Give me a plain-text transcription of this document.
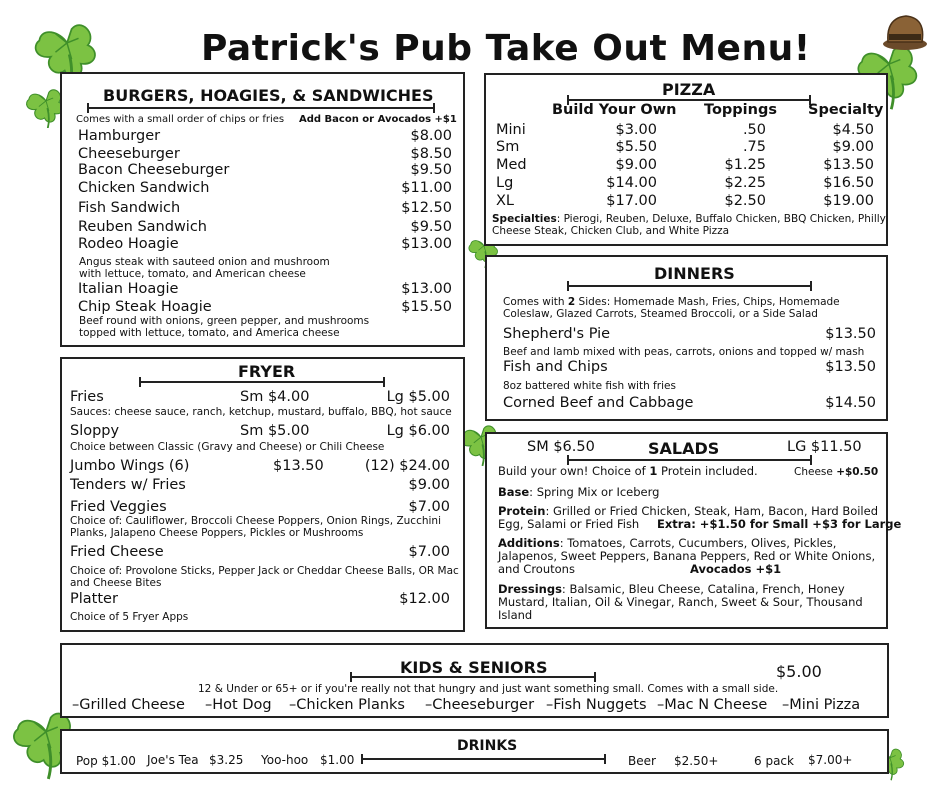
Patrick's Pub Take Out Menu!
BURGERS, HOAGIES, & SANDWICHES
Comes with a small order of chips or fries Add Bacon or Avocados +$1
Hamburger	$8.00
Cheeseburger	$8.50
Bacon Cheeseburger	$9.50
Chicken Sandwich	$11.00
Fish Sandwich	$12.50
Reuben Sandwich	$9.50
Rodeo Hoagie	$13.00
Angus steak with sauteed onion and mushroom
with lettuce, tomato, and American cheese
Italian Hoagie	$13.00
Chip Steak Hoagie	$15.50
Beef round with onions, green pepper, and mushrooms
topped with lettuce, tomato, and America cheese
PIZZA
Build Your Own Toppings Specialty
Mini	$3.00	.50	$4.50
Sm	$5.50	.75	$9.00
Med	$9.00	$1.25	$13.50
Lg	$14.00	$2.25	$16.50
XL	$17.00	$2.50	$19.00
Specialties: Pierogi, Reuben, Deluxe, Buffalo Chicken, BBQ Chicken, Philly
Cheese Steak, Chicken Club, and White Pizza
DINNERS
Comes with 2 Sides: Homemade Mash, Fries, Chips, Homemade
Coleslaw, Glazed Carrots, Steamed Broccoli, or a Side Salad
Shepherd's Pie	$13.50
Beef and lamb mixed with peas, carrots, onions and topped w/ mash
Fish and Chips	$13.50
8oz battered white fish with fries
Corned Beef and Cabbage	$14.50
FRYER
Fries	Sm $4.00	Lg $5.00
Sauces: cheese sauce, ranch, ketchup, mustard, buffalo, BBQ, hot sauce
Sloppy	Sm $5.00	Lg $6.00
Choice between Classic (Gravy and Cheese) or Chili Cheese
Jumbo Wings (6)	$13.50	(12) $24.00
Tenders w/ Fries	$9.00
Fried Veggies	$7.00
Choice of: Cauliflower, Broccoli Cheese Poppers, Onion Rings, Zucchini
Planks, Jalapeno Cheese Poppers, Pickles or Mushrooms
Fried Cheese	$7.00
Choice of: Provolone Sticks, Pepper Jack or Cheddar Cheese Balls, OR Mac
and Cheese Bites
Platter	$12.00
Choice of 5 Fryer Apps
SM $6.50	SALADS	LG $11.50
Build your own! Choice of 1 Protein included.	Cheese +$0.50
Base: Spring Mix or Iceberg
Protein: Grilled or Fried Chicken, Steak, Ham, Bacon, Hard Boiled
Egg, Salami or Fried Fish Extra: +$1.50 for Small +$3 for Large
Additions: Tomatoes, Carrots, Cucumbers, Olives, Pickles,
Jalapenos, Sweet Peppers, Banana Peppers, Red or White Onions,
and Croutons	Avocados +$1
Dressings: Balsamic, Bleu Cheese, Catalina, French, Honey
Mustard, Italian, Oil & Vinegar, Ranch, Sweet & Sour, Thousand
Island
KIDS & SENIORS	$5.00
12 & Under or 65+ or if you're really not that hungry and just want something small. Comes with a small side.
–Grilled Cheese –Hot Dog –Chicken Planks –Cheeseburger –Fish Nuggets –Mac N Cheese –Mini Pizza
DRINKS
Pop $1.00 Joe's Tea $3.25 Yoo-hoo $1.00	Beer $2.50+	6 pack $7.00+
